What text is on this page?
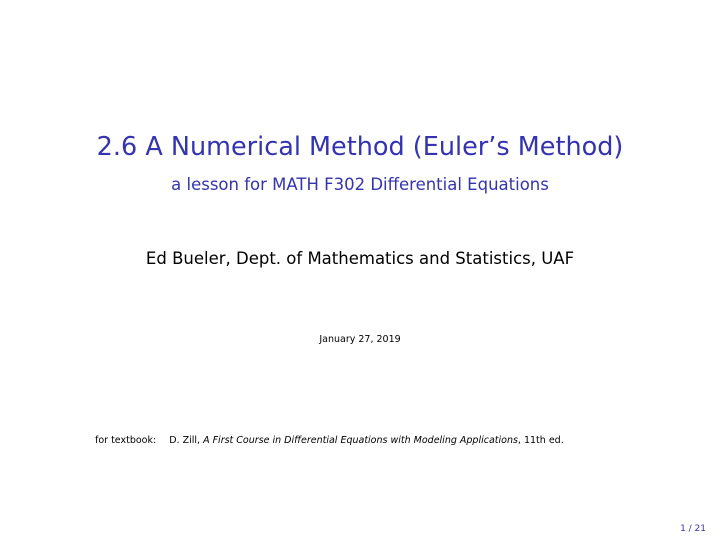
2.6 A Numerical Method (Euler’s Method)
a lesson for MATH F302 Differential Equations
Ed Bueler, Dept. of Mathematics and Statistics, UAF
January 27, 2019
for textbook: D. Zill, A First Course in Differential Equations with Modeling Applications, 11th ed.
1 / 21
